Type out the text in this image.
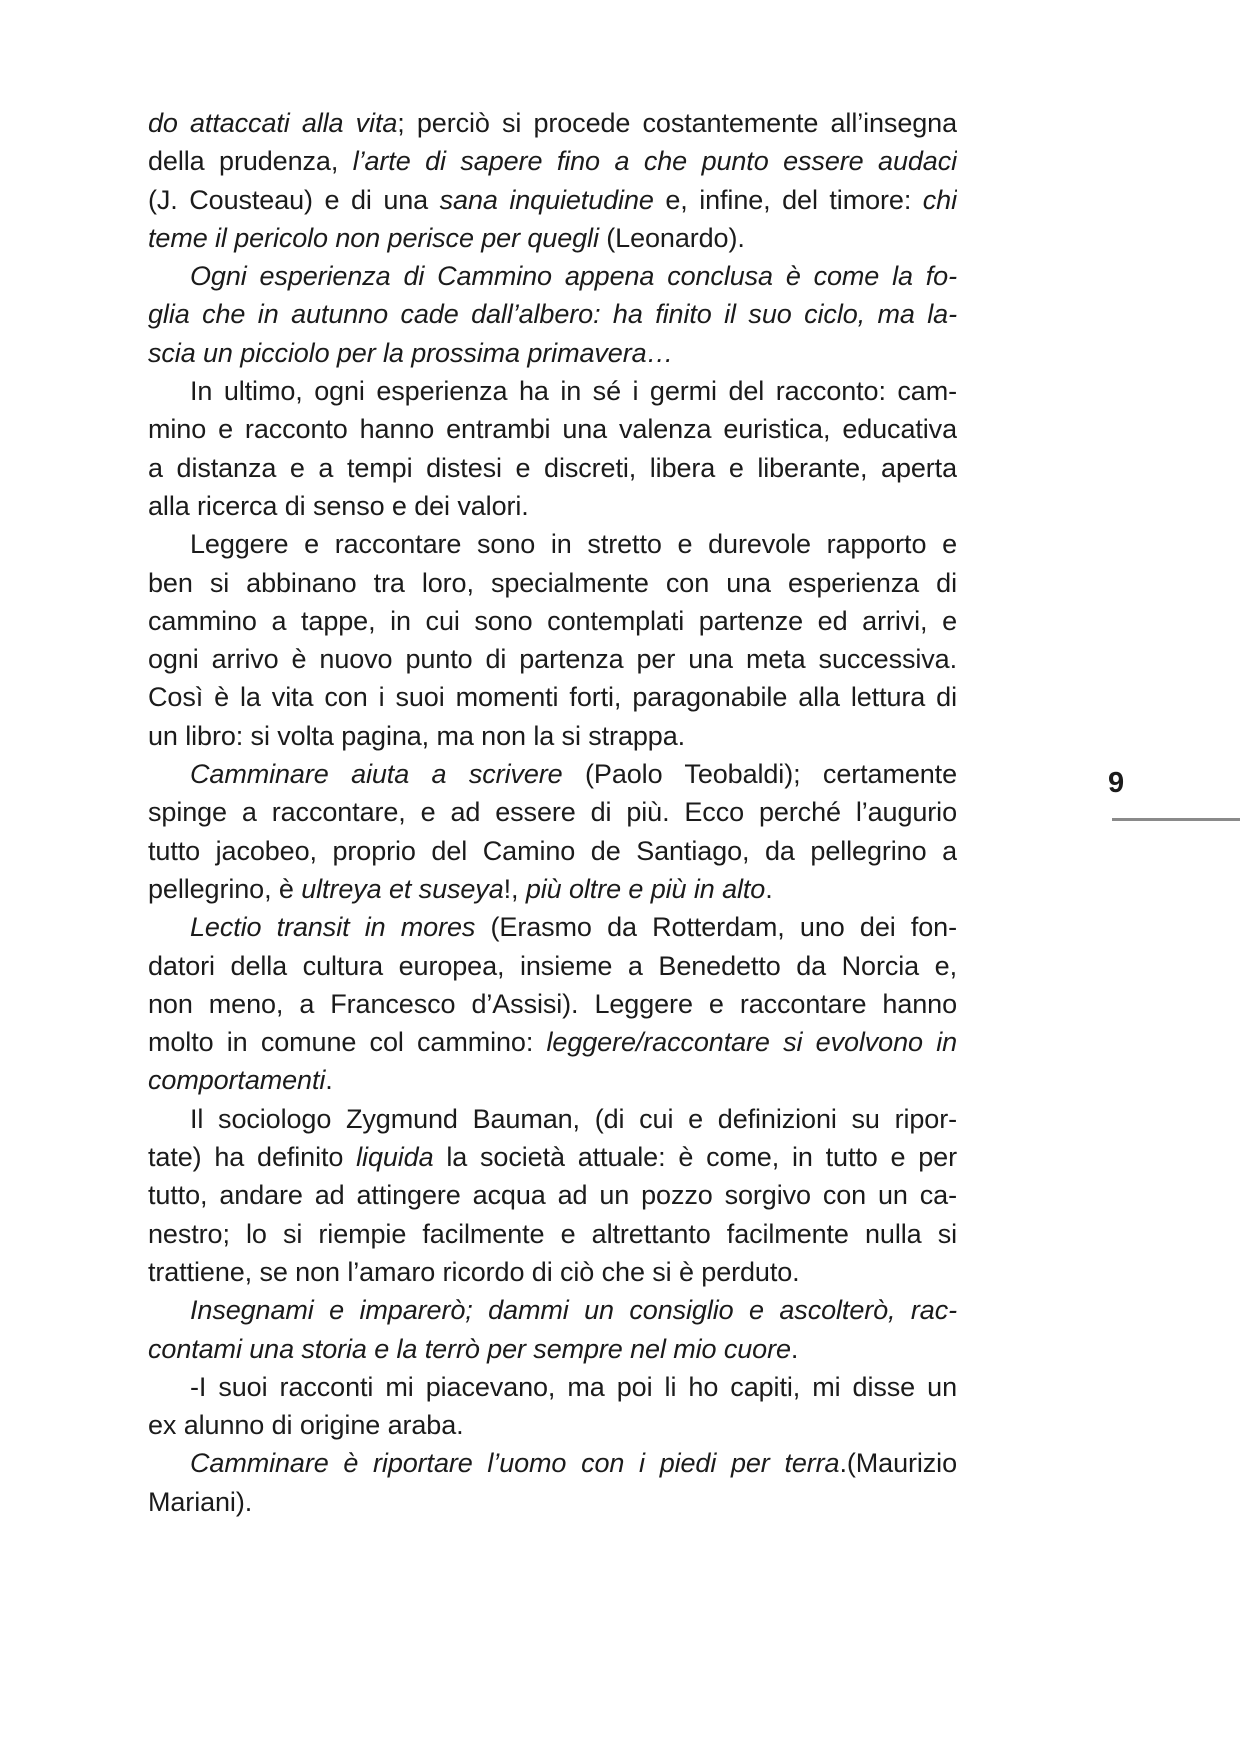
do attaccati alla vita; perciò si procede costantemente all’insegna
della prudenza, l’arte di sapere fino a che punto essere audaci
(J. Cousteau) e di una sana inquietudine e, infine, del timore: chi
teme il pericolo non perisce per quegli (Leonardo).
Ogni esperienza di Cammino appena conclusa è come la fo-
glia che in autunno cade dall’albero: ha finito il suo ciclo, ma la-
scia un picciolo per la prossima primavera…
In ultimo, ogni esperienza ha in sé i germi del racconto: cam-
mino e racconto hanno entrambi una valenza euristica, educativa
a distanza e a tempi distesi e discreti, libera e liberante, aperta
alla ricerca di senso e dei valori.
Leggere e raccontare sono in stretto e durevole rapporto e
ben si abbinano tra loro, specialmente con una esperienza di
cammino a tappe, in cui sono contemplati partenze ed arrivi, e
ogni arrivo è nuovo punto di partenza per una meta successiva.
Così è la vita con i suoi momenti forti, paragonabile alla lettura di
un libro: si volta pagina, ma non la si strappa.
Camminare aiuta a scrivere (Paolo Teobaldi); certamente
spinge a raccontare, e ad essere di più. Ecco perché l’augurio
tutto jacobeo, proprio del Camino de Santiago, da pellegrino a
pellegrino, è ultreya et suseya!, più oltre e più in alto.
Lectio transit in mores (Erasmo da Rotterdam, uno dei fon-
datori della cultura europea, insieme a Benedetto da Norcia e,
non meno, a Francesco d’Assisi). Leggere e raccontare hanno
molto in comune col cammino: leggere/raccontare si evolvono in
comportamenti.
Il sociologo Zygmund Bauman, (di cui e definizioni su ripor-
tate) ha definito liquida la società attuale: è come, in tutto e per
tutto, andare ad attingere acqua ad un pozzo sorgivo con un ca-
nestro; lo si riempie facilmente e altrettanto facilmente nulla si
trattiene, se non l’amaro ricordo di ciò che si è perduto.
Insegnami e imparerò; dammi un consiglio e ascolterò, rac-
contami una storia e la terrò per sempre nel mio cuore.
-I suoi racconti mi piacevano, ma poi li ho capiti, mi disse un
ex alunno di origine araba.
Camminare è riportare l’uomo con i piedi per terra.(Maurizio
Mariani).
9
